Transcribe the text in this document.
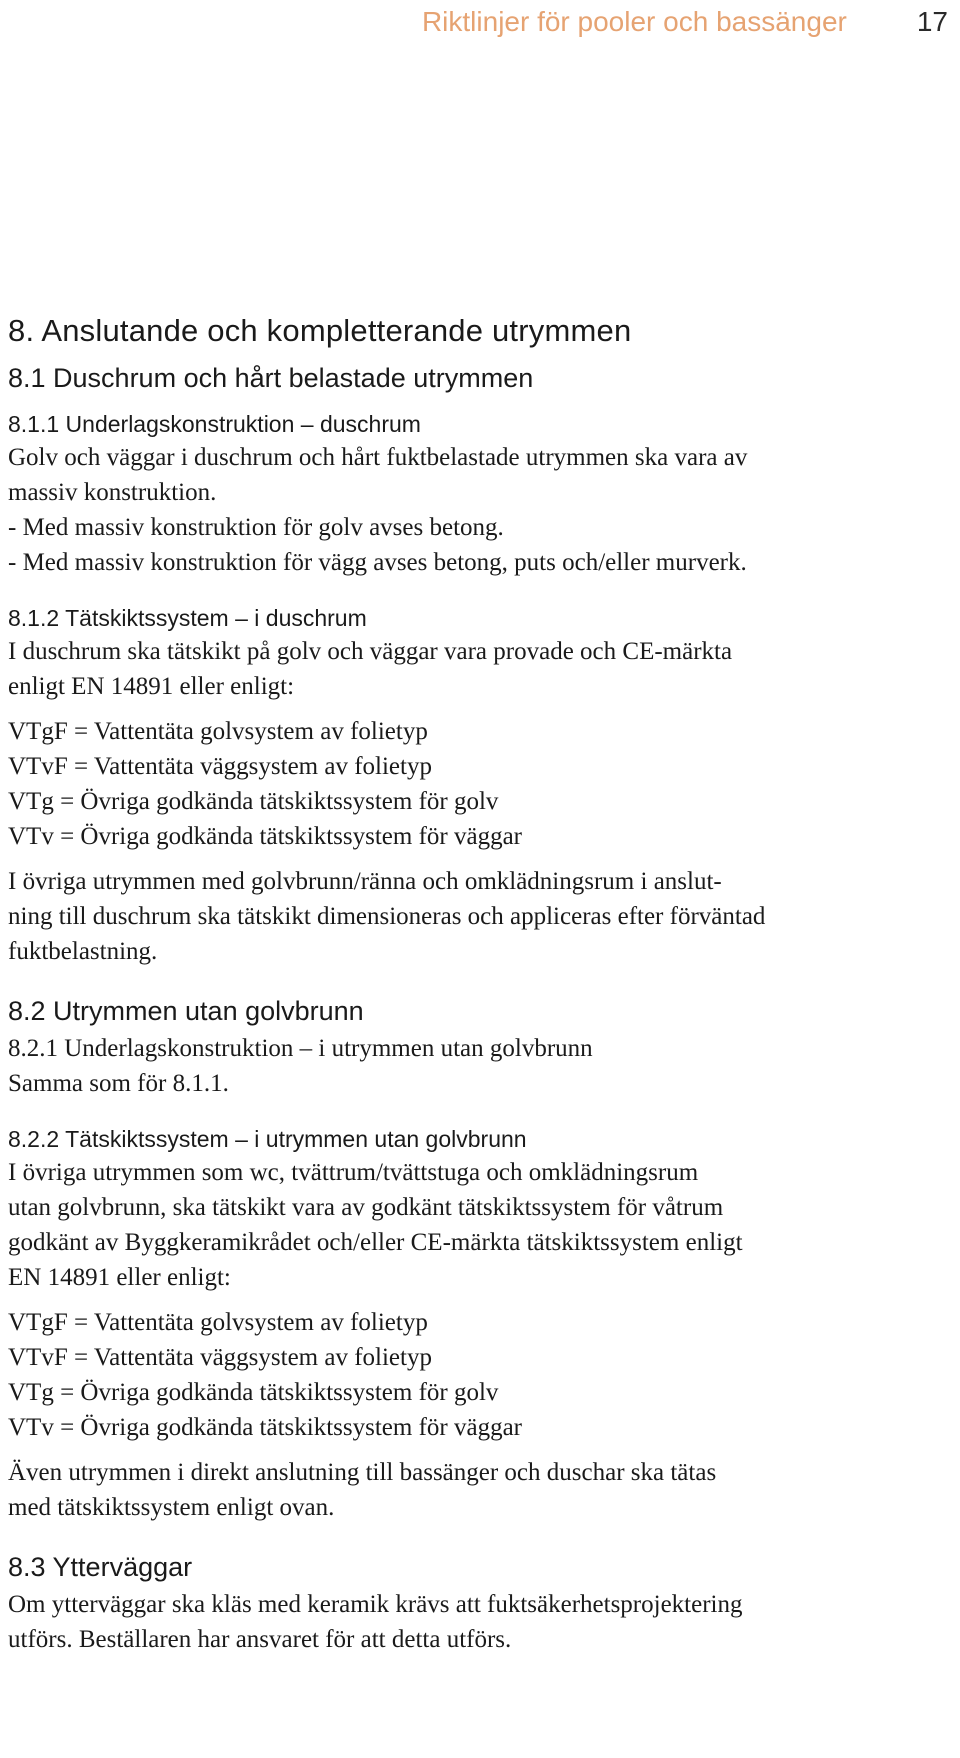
Riktlinjer för pooler och bassänger	17
8. Anslutande och kompletterande utrymmen
8.1 Duschrum och hårt belastade utrymmen
8.1.1 Underlagskonstruktion – duschrum

Golv och väggar i duschrum och hårt fuktbelastade utrymmen ska vara av

massiv konstruktion.

- Med massiv konstruktion för golv avses betong.

- Med massiv konstruktion för vägg avses betong, puts och/eller murverk.

8.1.2 Tätskiktssystem – i duschrum

I duschrum ska tätskikt på golv och väggar vara provade och CE-märkta

enligt EN 14891 eller enligt:

VTgF = Vattentäta golvsystem av folietyp

VTvF = Vattentäta väggsystem av folietyp

VTg = Övriga godkända tätskiktssystem för golv

VTv = Övriga godkända tätskiktssystem för väggar

I övriga utrymmen med golvbrunn/ränna och omklädningsrum i anslut-

ning till duschrum ska tätskikt dimensioneras och appliceras efter förväntad

fuktbelastning.

8.2 Utrymmen utan golvbrunn

8.2.1 Underlagskonstruktion – i utrymmen utan golvbrunn

Samma som för 8.1.1.

8.2.2 Tätskiktssystem – i utrymmen utan golvbrunn

I övriga utrymmen som wc, tvättrum/tvättstuga och omklädningsrum

utan golvbrunn, ska tätskikt vara av godkänt tätskiktssystem för våtrum

godkänt av Byggkeramikrådet och/eller CE-märkta tätskiktssystem enligt

EN 14891 eller enligt:

VTgF = Vattentäta golvsystem av folietyp

VTvF = Vattentäta väggsystem av folietyp

VTg = Övriga godkända tätskiktssystem för golv

VTv = Övriga godkända tätskiktssystem för väggar

Även utrymmen i direkt anslutning till bassänger och duschar ska tätas

med tätskiktssystem enligt ovan.

8.3 Ytterväggar

Om ytterväggar ska kläs med keramik krävs att fuktsäkerhetsprojektering

utförs. Beställaren har ansvaret för att detta utförs.
